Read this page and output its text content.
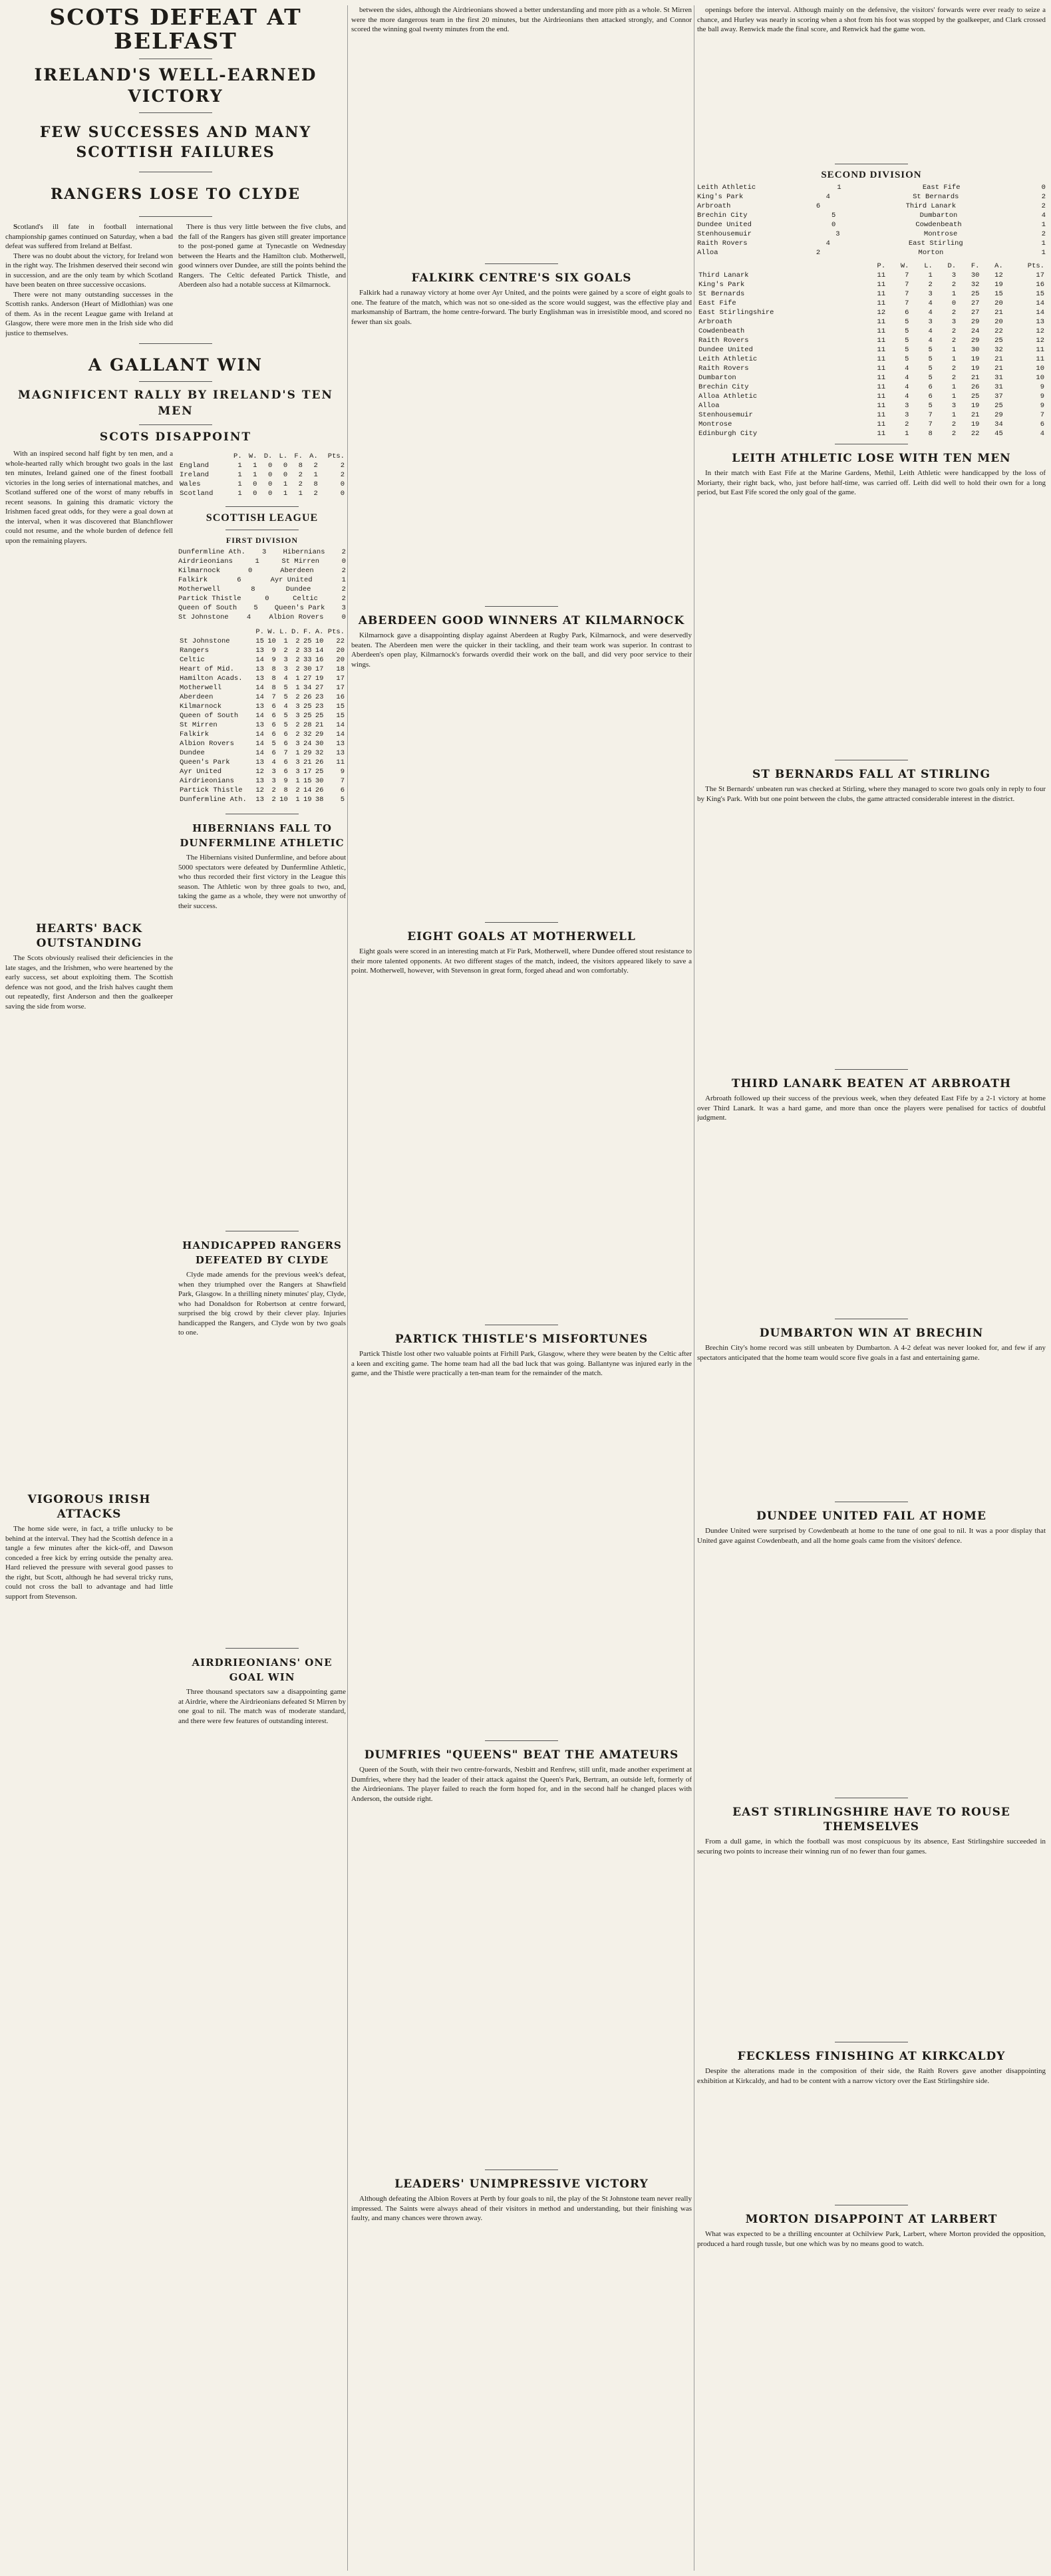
SCOTS DEFEAT AT BELFAST
IRELAND'S WELL-EARNED VICTORY
FEW SUCCESSES AND MANY SCOTTISH FAILURES
RANGERS LOSE TO CLYDE

Scotland's ill fate in football international championship games continued on Saturday, when a bad defeat was suffered from Ireland at Belfast.

There was no doubt about the victory, for Ireland won in the right way. The Irishmen deserved their second win in succession, and are the only team by which Scotland have been beaten on three successive occasions.

There were not many outstanding successes in the Scottish ranks. Anderson (Heart of Midlothian) was one of them. As in the recent League game with Ireland at Glasgow, there were more men in the Irish side who did justice to themselves.

There is thus very little between the five clubs, and the fall of the Rangers has given still greater importance to the post-poned game at Tynecastle on Wednesday between the Hearts and the Hamilton club. Motherwell, good winners over Dundee, are still the points behind the Rangers. The Celtic defeated Partick Thistle, and Aberdeen also had a notable success at Kilmarnock.

A GALLANT WIN
MAGNIFICENT RALLY BY IRELAND'S TEN MEN
SCOTS DISAPPOINT

With an inspired second half fight by ten men, and a whole-hearted rally which brought two goals in the last ten minutes, Ireland gained one of the finest football victories in the long series of international matches, and Scotland suffered one of the worst of many rebuffs in recent seasons. In gaining this dramatic victory the Irishmen faced great odds, for they were a goal down at the interval, when it was discovered that Blanchflower could not resume, and the whole burden of defence fell upon the remaining players.

HEARTS' BACK OUTSTANDING

The Scots obviously realised their deficiencies in the late stages, and the Irishmen, who were heartened by the early success, set about exploiting them. The Scottish defence was not good, and the Irish halves caught them out repeatedly, first Anderson and then the goalkeeper saving the side from worse.

VIGOROUS IRISH ATTACKS

The home side were, in fact, a trifle unlucky to be behind at the interval. They had the Scottish defence in a tangle a few minutes after the kick-off, and Dawson conceded a free kick by erring outside the penalty area. Hard relieved the pressure with several good passes to the right, but Scott, although he had several tricky runs, could not cross the ball to advantage and had little support from Stevenson.

	P.	W.	D.	L.	F.	A.	Pts.
England	1	1	0	0	8	2	2
Ireland	1	1	0	0	2	1	2
Wales	1	0	0	1	2	8	0
Scotland	1	0	0	1	1	2	0
SCOTTISH LEAGUE
FIRST DIVISION
Dunfermline Ath. 3 Hibernians 2
Airdrieonians	1	St Mirren	0
Kilmarnock	0	Aberdeen	2
Falkirk	6	Ayr United	1
Motherwell	8	Dundee	2
Partick Thistle	0	Celtic	2
Queen of South 5 Queen's Park 3
St Johnstone	4	Albion Rovers	0
	P.	W.	L.	D.	F.	A.	Pts.
St Johnstone	15	10	1	2	25	10	22
Rangers	13	9	2	2	33	14	20
Celtic	14	9	3	2	33	16	20
Heart of Mid.	13	8	3	2	30	17	18
Hamilton Acads.	13	8	4	1	27	19	17
Motherwell	14	8	5	1	34	27	17
Aberdeen	14	7	5	2	26	23	16
Kilmarnock	13	6	4	3	25	23	15
Queen of South	14	6	5	3	25	25	15
St Mirren	13	6	5	2	28	21	14
Falkirk	14	6	6	2	32	29	14
Albion Rovers	14	5	6	3	24	30	13
Dundee	14	6	7	1	29	32	13
Queen's Park	13	4	6	3	21	26	11
Ayr United	12	3	6	3	17	25	9
Airdrieonians	13	3	9	1	15	30	7
Partick Thistle	12	2	8	2	14	26	6
Dunfermline Ath.	13	2	10	1	19	38	5
HIBERNIANS FALL TO DUNFERMLINE ATHLETIC

The Hibernians visited Dunfermline, and before about 5000 spectators were defeated by Dunfermline Athletic, who thus recorded their first victory in the League this season. The Athletic won by three goals to two, and, taking the game as a whole, they were not unworthy of their success.

HANDICAPPED RANGERS DEFEATED BY CLYDE

Clyde made amends for the previous week's defeat, when they triumphed over the Rangers at Shawfield Park, Glasgow. In a thrilling ninety minutes' play, Clyde, who had Donaldson for Robertson at centre forward, surprised the big crowd by their clever play. Injuries handicapped the Rangers, and Clyde won by two goals to one.

AIRDRIEONIANS' ONE GOAL WIN

Three thousand spectators saw a disappointing game at Airdrie, where the Airdrieonians defeated St Mirren by one goal to nil. The match was of moderate standard, and there were few features of outstanding interest.

between the sides, although the Airdrieonians showed a better understanding and more pith as a whole. St Mirren were the more dangerous team in the first 20 minutes, but the Airdrieonians then attacked strongly, and Connor scored the winning goal twenty minutes from the end.

FALKIRK CENTRE'S SIX GOALS

Falkirk had a runaway victory at home over Ayr United, and the points were gained by a score of eight goals to one. The feature of the match, which was not so one-sided as the score would suggest, was the effective play and marksmanship of Bartram, the home centre-forward. The burly Englishman was in irresistible mood, and scored no fewer than six goals.

ABERDEEN GOOD WINNERS AT KILMARNOCK

Kilmarnock gave a disappointing display against Aberdeen at Rugby Park, Kilmarnock, and were deservedly beaten. The Aberdeen men were the quicker in their tackling, and their team work was superior. In contrast to Aberdeen's open play, Kilmarnock's forwards overdid their work on the ball, and did very poor service to their wings.

EIGHT GOALS AT MOTHERWELL

Eight goals were scored in an interesting match at Fir Park, Motherwell, where Dundee offered stout resistance to their more talented opponents. At two different stages of the match, indeed, the visitors appeared likely to save a point. Motherwell, however, with Stevenson in great form, forged ahead and won comfortably.

PARTICK THISTLE'S MISFORTUNES

Partick Thistle lost other two valuable points at Firhill Park, Glasgow, where they were beaten by the Celtic after a keen and exciting game. The home team had all the bad luck that was going. Ballantyne was injured early in the game, and the Thistle were practically a ten-man team for the remainder of the match.

DUMFRIES "QUEENS" BEAT THE AMATEURS

Queen of the South, with their two centre-forwards, Nesbitt and Renfrew, still unfit, made another experiment at Dumfries, where they had the leader of their attack against the Queen's Park, Bertram, an outside left, formerly of the Airdrieonians. The player failed to reach the form hoped for, and in the second half he changed places with Anderson, the outside right.

LEADERS' UNIMPRESSIVE VICTORY

Although defeating the Albion Rovers at Perth by four goals to nil, the play of the St Johnstone team never really impressed. The Saints were always ahead of their visitors in method and understanding, but their finishing was faulty, and many chances were thrown away.

openings before the interval. Although mainly on the defensive, the visitors' forwards were ever ready to seize a chance, and Hurley was nearly in scoring when a shot from his foot was stopped by the goalkeeper, and Clark crossed the ball away. Renwick made the final score, and Renwick had the game won.

SECOND DIVISION
Leith Athletic	1	East Fife	0
King's Park	4	St Bernards	2
Arbroath	6	Third Lanark	2
Brechin City	5	Dumbarton	4
Dundee United	0	Cowdenbeath	1
Stenhousemuir	3	Montrose	2
Raith Rovers	4	East Stirling	1
Alloa	2	Morton	1
	P.	W.	L.	D.	F.	A.	Pts.
Third Lanark	11	7	1	3	30	12	17
King's Park	11	7	2	2	32	19	16
St Bernards	11	7	3	1	25	15	15
East Fife	11	7	4	0	27	20	14
East Stirlingshire	12	6	4	2	27	21	14
Arbroath	11	5	3	3	29	20	13
Cowdenbeath	11	5	4	2	24	22	12
Raith Rovers	11	5	4	2	29	25	12
Dundee United	11	5	5	1	30	32	11
Leith Athletic	11	5	5	1	19	21	11
Raith Rovers	11	4	5	2	19	21	10
Dumbarton	11	4	5	2	21	31	10
Brechin City	11	4	6	1	26	31	9
Alloa Athletic	11	4	6	1	25	37	9
Alloa	11	3	5	3	19	25	9
Stenhousemuir	11	3	7	1	21	29	7
Montrose	11	2	7	2	19	34	6
Edinburgh City	11	1	8	2	22	45	4
LEITH ATHLETIC LOSE WITH TEN MEN

In their match with East Fife at the Marine Gardens, Methil, Leith Athletic were handicapped by the loss of Moriarty, their right back, who, just before half-time, was carried off. Leith did well to hold their own for a long period, but East Fife scored the only goal of the game.

ST BERNARDS FALL AT STIRLING

The St Bernards' unbeaten run was checked at Stirling, where they managed to score two goals only in reply to four by King's Park. With but one point between the clubs, the game attracted considerable interest in the district.

THIRD LANARK BEATEN AT ARBROATH

Arbroath followed up their success of the previous week, when they defeated East Fife by a 2-1 victory at home over Third Lanark. It was a hard game, and more than once the players were penalised for tactics of doubtful judgment.

DUMBARTON WIN AT BRECHIN

Brechin City's home record was still unbeaten by Dumbarton. A 4-2 defeat was never looked for, and few if any spectators anticipated that the home team would score five goals in a fast and entertaining game.

DUNDEE UNITED FAIL AT HOME

Dundee United were surprised by Cowdenbeath at home to the tune of one goal to nil. It was a poor display that United gave against Cowdenbeath, and all the home goals came from the visitors' defence.

EAST STIRLINGSHIRE HAVE TO ROUSE THEMSELVES

From a dull game, in which the football was most conspicuous by its absence, East Stirlingshire succeeded in securing two points to increase their winning run of no fewer than four games.

FECKLESS FINISHING AT KIRKCALDY

Despite the alterations made in the composition of their side, the Raith Rovers gave another disappointing exhibition at Kirkcaldy, and had to be content with a narrow victory over the East Stirlingshire side.

MORTON DISAPPOINT AT LARBERT

What was expected to be a thrilling encounter at Ochilview Park, Larbert, where Morton provided the opposition, produced a hard rough tussle, but one which was by no means good to watch.
